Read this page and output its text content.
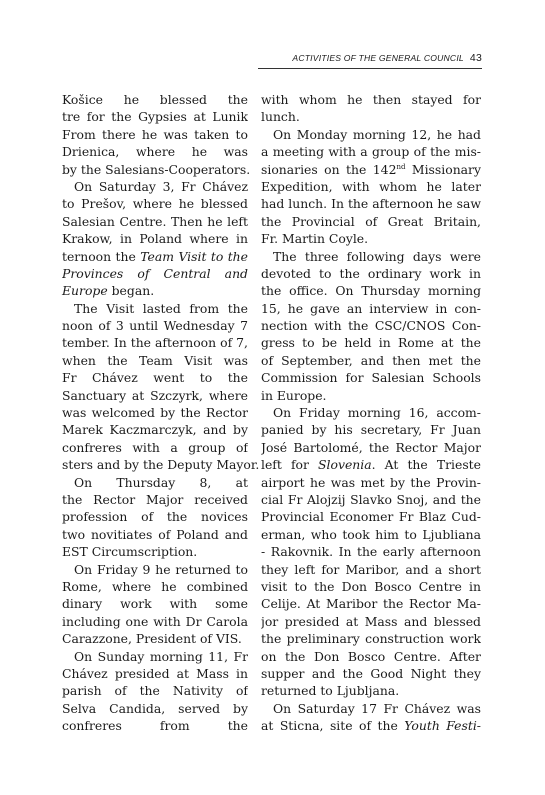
ACTIVITIES OF THE GENERAL COUNCIL 43
Košice he blessed the
tre for the Gypsies at Lunik
From there he was taken to
Drienica, where he was
by the Salesians-Cooperators.
On Saturday 3, Fr Chávez
to Prešov, where he blessed
Salesian Centre. Then he left
Krakow, in Poland where in
ternoon the Team Visit to the
Provinces of Central and
Europe began.
The Visit lasted from the
noon of 3 until Wednesday 7
tember. In the afternoon of 7,
when the Team Visit was
Fr Chávez went to the
Sanctuary at Szczyrk, where
was welcomed by the Rector
Marek Kaczmarczyk, and by
confreres with a group of
sters and by the Deputy Mayor.
On Thursday 8, at
the Rector Major received
profession of the novices
two novitiates of Poland and
EST Circumscription.
On Friday 9 he returned to
Rome, where he combined
dinary work with some
including one with Dr Carola
Carazzone, President of VIS.
On Sunday morning 11, Fr
Chávez presided at Mass in
parish of the Nativity of
Selva Candida, served by
confreres from the
with whom he then stayed for
lunch.
On Monday morning 12, he had
a meeting with a group of the mis-
sionaries on the 142nd Missionary
Expedition, with whom he later
had lunch. In the afternoon he saw
the Provincial of Great Britain,
Fr. Martin Coyle.
The three following days were
devoted to the ordinary work in
the office. On Thursday morning
15, he gave an interview in con-
nection with the CSC/CNOS Con-
gress to be held in Rome at the
of September, and then met the
Commission for Salesian Schools
in Europe.
On Friday morning 16, accom-
panied by his secretary, Fr Juan
José Bartolomé, the Rector Major
left for Slovenia. At the Trieste
airport he was met by the Provin-
cial Fr Alojzij Slavko Snoj, and the
Provincial Economer Fr Blaz Cud-
erman, who took him to Ljubliana
- Rakovnik. In the early afternoon
they left for Maribor, and a short
visit to the Don Bosco Centre in
Celije. At Maribor the Rector Ma-
jor presided at Mass and blessed
the preliminary construction work
on the Don Bosco Centre. After
supper and the Good Night they
returned to Ljubljana.
On Saturday 17 Fr Chávez was
at Sticna, site of the Youth Festi-
